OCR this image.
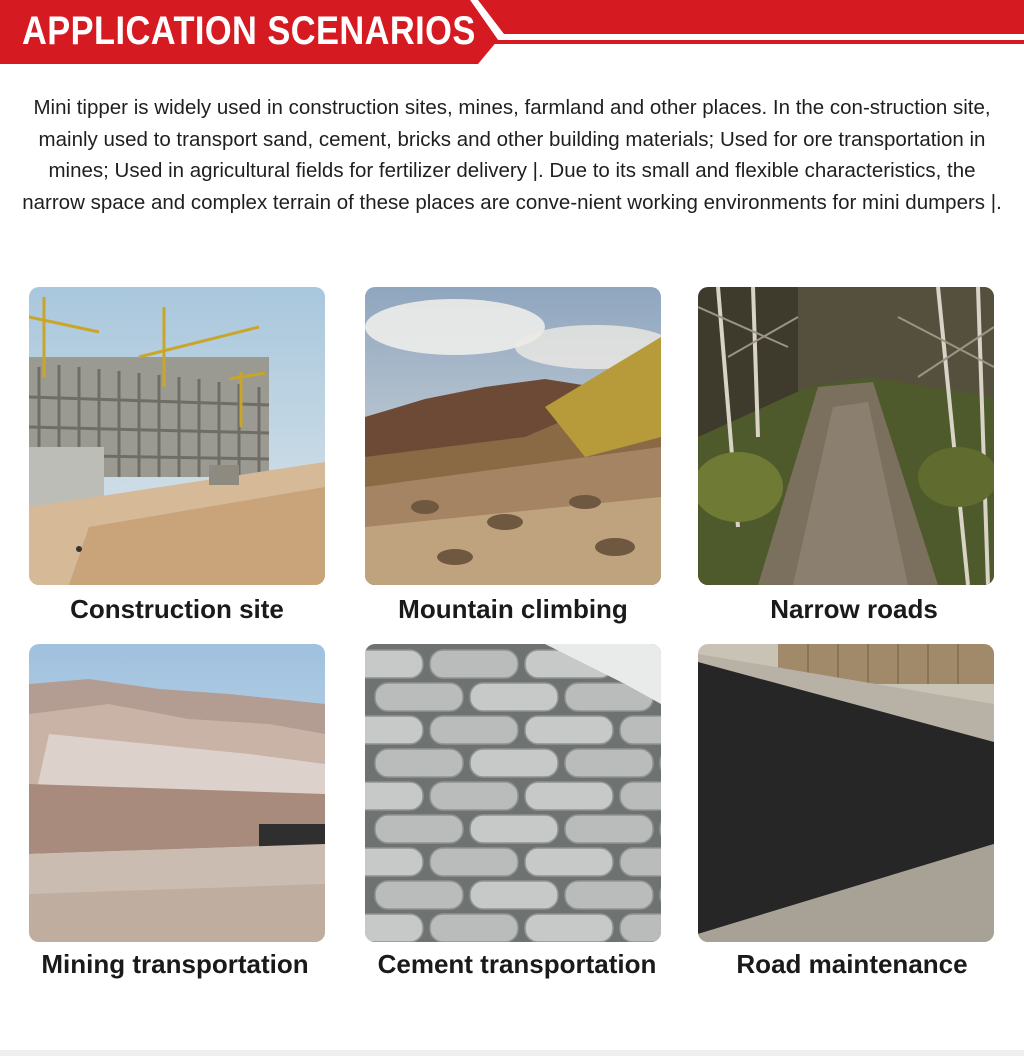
APPLICATION SCENARIOS
Mini tipper is widely used in construction sites, mines, farmland and other places. In the con-struction site, mainly used to transport sand, cement, bricks and other building materials; Used for ore transportation in mines; Used in agricultural fields for fertilizer delivery |. Due to its small and flexible characteristics, the narrow space and complex terrain of these places are conve-nient working environments for mini dumpers |.
Construction site	Mountain climbing	Narrow roads
Mining transportation	Cement transportation	Road maintenance
